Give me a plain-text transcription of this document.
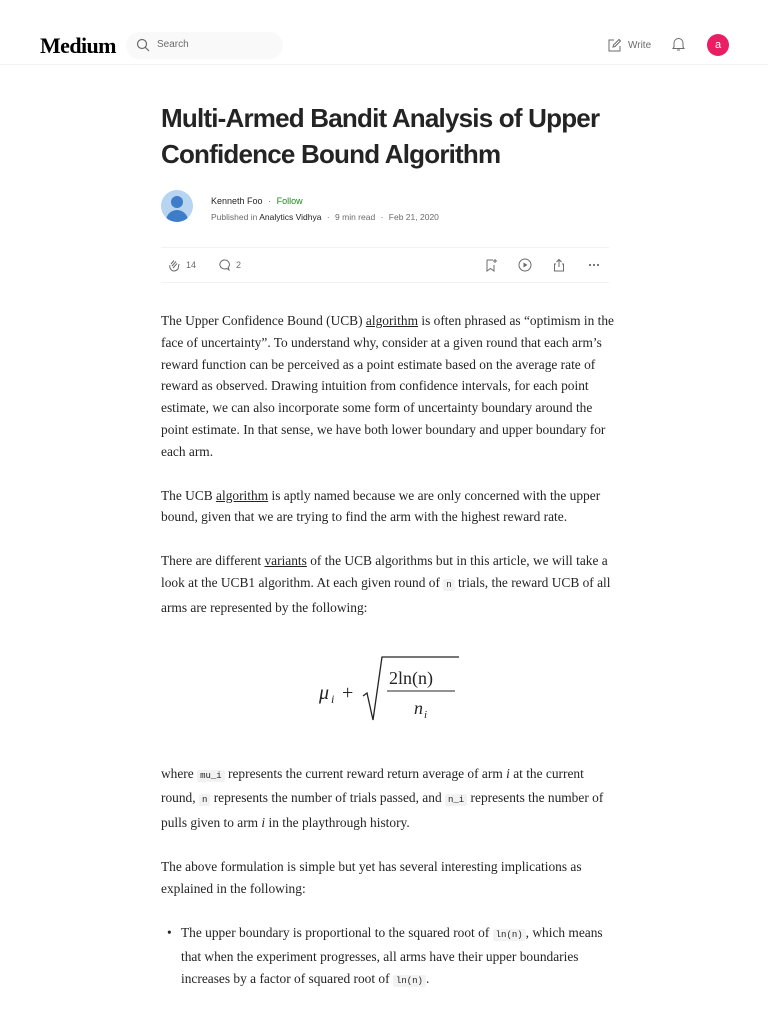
Medium	Search	Write	a
Multi-Armed Bandit Analysis of Upper Confidence Bound Algorithm
Kenneth Foo · Follow
Published in Analytics Vidhya · 9 min read · Feb 21, 2020
14	2

The Upper Confidence Bound (UCB) algorithm is often phrased as “optimism in the face of uncertainty”. To understand why, consider at a given round that each arm’s reward function can be perceived as a point estimate based on the average rate of reward as observed. Drawing intuition from confidence intervals, for each point estimate, we can also incorporate some form of uncertainty boundary around the point estimate. In that sense, we have both lower boundary and upper boundary for each arm.

The UCB algorithm is aptly named because we are only concerned with the upper bound, given that we are trying to find the arm with the highest reward rate.

There are different variants of the UCB algorithms but in this article, we will take a look at the UCB1 algorithm. At each given round of n trials, the reward UCB of all arms are represented by the following:

μ i +
2ln(n)
n i

where mu_i represents the current reward return average of arm i at the current round, n represents the number of trials passed, and n_i represents the number of pulls given to arm i in the playthrough history.

The above formulation is simple but yet has several interesting implications as explained in the following:

• The upper boundary is proportional to the squared root of ln(n) , which means that when the experiment progresses, all arms have their upper boundaries increases by a factor of squared root of ln(n) .
